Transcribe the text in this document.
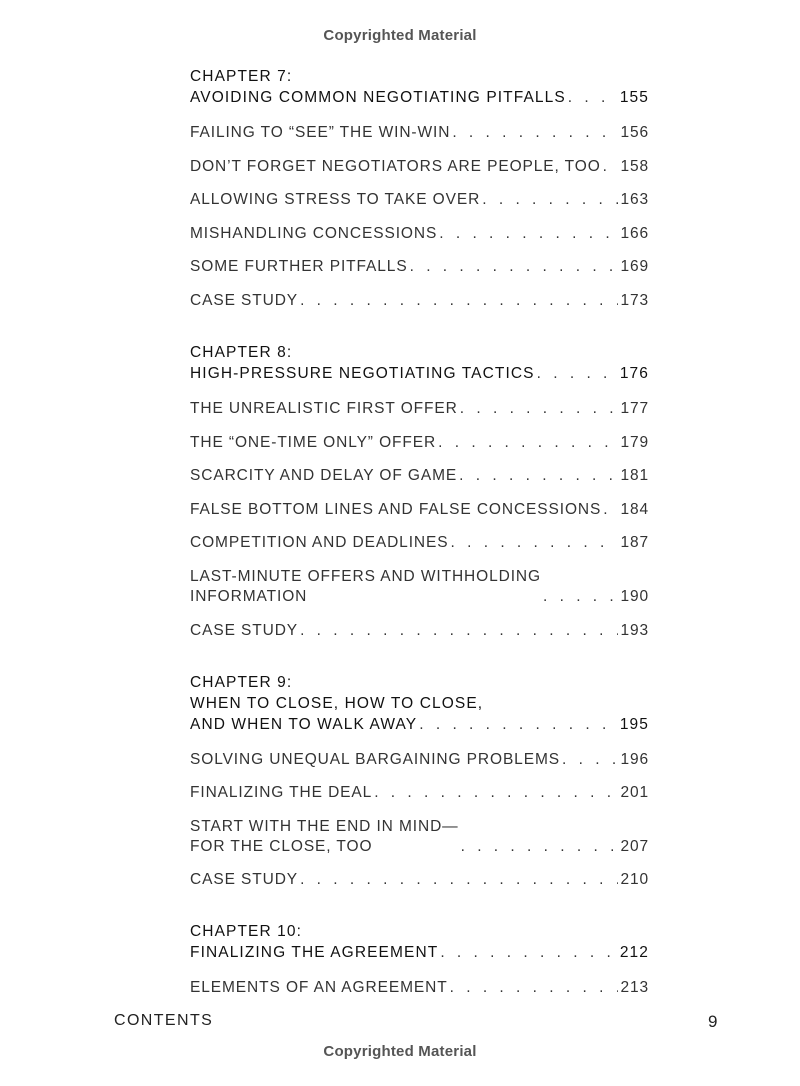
Copyrighted Material
CHAPTER 7:
AVOIDING COMMON NEGOTIATING PITFALLS . . .	155
FAILING TO “SEE” THE WIN-WIN . . .	156
DON’T FORGET NEGOTIATORS ARE PEOPLE, TOO . . . 158
ALLOWING STRESS TO TAKE OVER . . .	163
MISHANDLING CONCESSIONS . . .	166
SOME FURTHER PITFALLS . . .	169
CASE STUDY . . .	173
CHAPTER 8:
HIGH-PRESSURE NEGOTIATING TACTICS . . .	176
THE UNREALISTIC FIRST OFFER . . .	177
THE “ONE-TIME ONLY” OFFER . . .	179
SCARCITY AND DELAY OF GAME . . .	181
FALSE BOTTOM LINES AND FALSE CONCESSIONS . . . 184
COMPETITION AND DEADLINES . . .	187
LAST-MINUTE OFFERS AND WITHHOLDING
INFORMATION . . .	190
CASE STUDY . . .	193
CHAPTER 9:
WHEN TO CLOSE, HOW TO CLOSE,
AND WHEN TO WALK AWAY . . .	195
SOLVING UNEQUAL BARGAINING PROBLEMS . . .	196
FINALIZING THE DEAL . . .	201
START WITH THE END IN MIND—
FOR THE CLOSE, TOO . . .	207
CASE STUDY . . .	210
CHAPTER 10:
FINALIZING THE AGREEMENT . . .	212
ELEMENTS OF AN AGREEMENT . . .	213
CONTENTS	9
Copyrighted Material
